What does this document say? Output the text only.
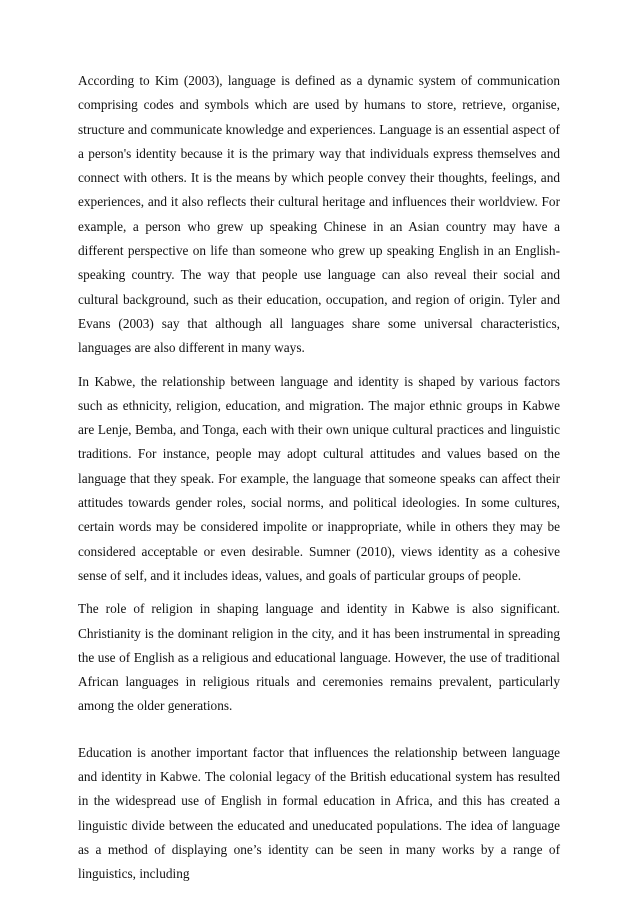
According to Kim (2003), language is defined as a dynamic system of communication comprising codes and symbols which are used by humans to store, retrieve, organise, structure and communicate knowledge and experiences. Language is an essential aspect of a person's identity because it is the primary way that individuals express themselves and connect with others. It is the means by which people convey their thoughts, feelings, and experiences, and it also reflects their cultural heritage and influences their worldview. For example, a person who grew up speaking Chinese in an Asian country may have a different perspective on life than someone who grew up speaking English in an English-speaking country. The way that people use language can also reveal their social and cultural background, such as their education, occupation, and region of origin. Tyler and Evans (2003) say that although all languages share some universal characteristics, languages are also different in many ways.

In Kabwe, the relationship between language and identity is shaped by various factors such as ethnicity, religion, education, and migration. The major ethnic groups in Kabwe are Lenje, Bemba, and Tonga, each with their own unique cultural practices and linguistic traditions. For instance, people may adopt cultural attitudes and values based on the language that they speak. For example, the language that someone speaks can affect their attitudes towards gender roles, social norms, and political ideologies. In some cultures, certain words may be considered impolite or inappropriate, while in others they may be considered acceptable or even desirable. Sumner (2010), views identity as a cohesive sense of self, and it includes ideas, values, and goals of particular groups of people.

The role of religion in shaping language and identity in Kabwe is also significant. Christianity is the dominant religion in the city, and it has been instrumental in spreading the use of English as a religious and educational language. However, the use of traditional African languages in religious rituals and ceremonies remains prevalent, particularly among the older generations.

Education is another important factor that influences the relationship between language and identity in Kabwe. The colonial legacy of the British educational system has resulted in the widespread use of English in formal education in Africa, and this has created a linguistic divide between the educated and uneducated populations. The idea of language as a method of displaying one’s identity can be seen in many works by a range of linguistics, including
